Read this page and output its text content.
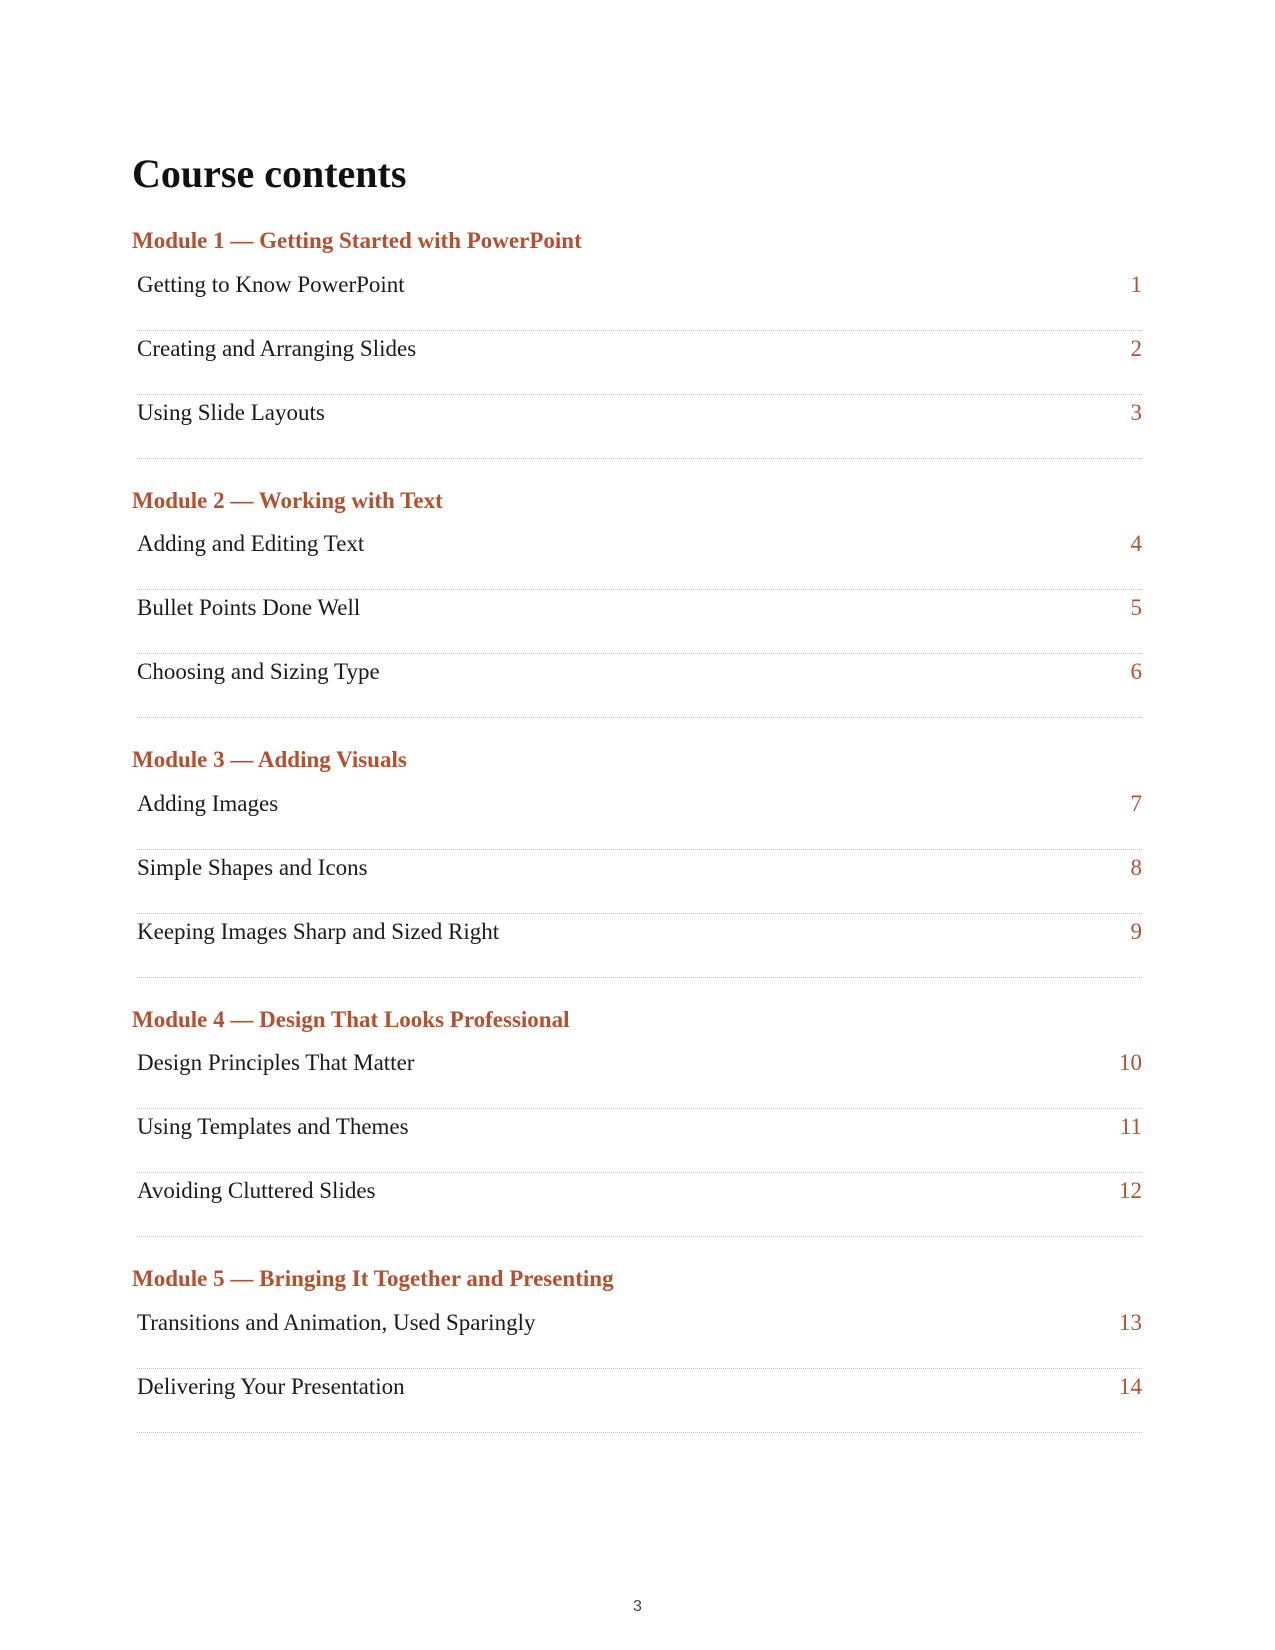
Course contents
Module 1 — Getting Started with PowerPoint
Getting to Know PowerPoint	1
Creating and Arranging Slides	2
Using Slide Layouts	3
Module 2 — Working with Text
Adding and Editing Text	4
Bullet Points Done Well	5
Choosing and Sizing Type	6
Module 3 — Adding Visuals
Adding Images	7
Simple Shapes and Icons	8
Keeping Images Sharp and Sized Right	9
Module 4 — Design That Looks Professional
Design Principles That Matter	10
Using Templates and Themes	11
Avoiding Cluttered Slides	12
Module 5 — Bringing It Together and Presenting
Transitions and Animation, Used Sparingly	13
Delivering Your Presentation	14
3
